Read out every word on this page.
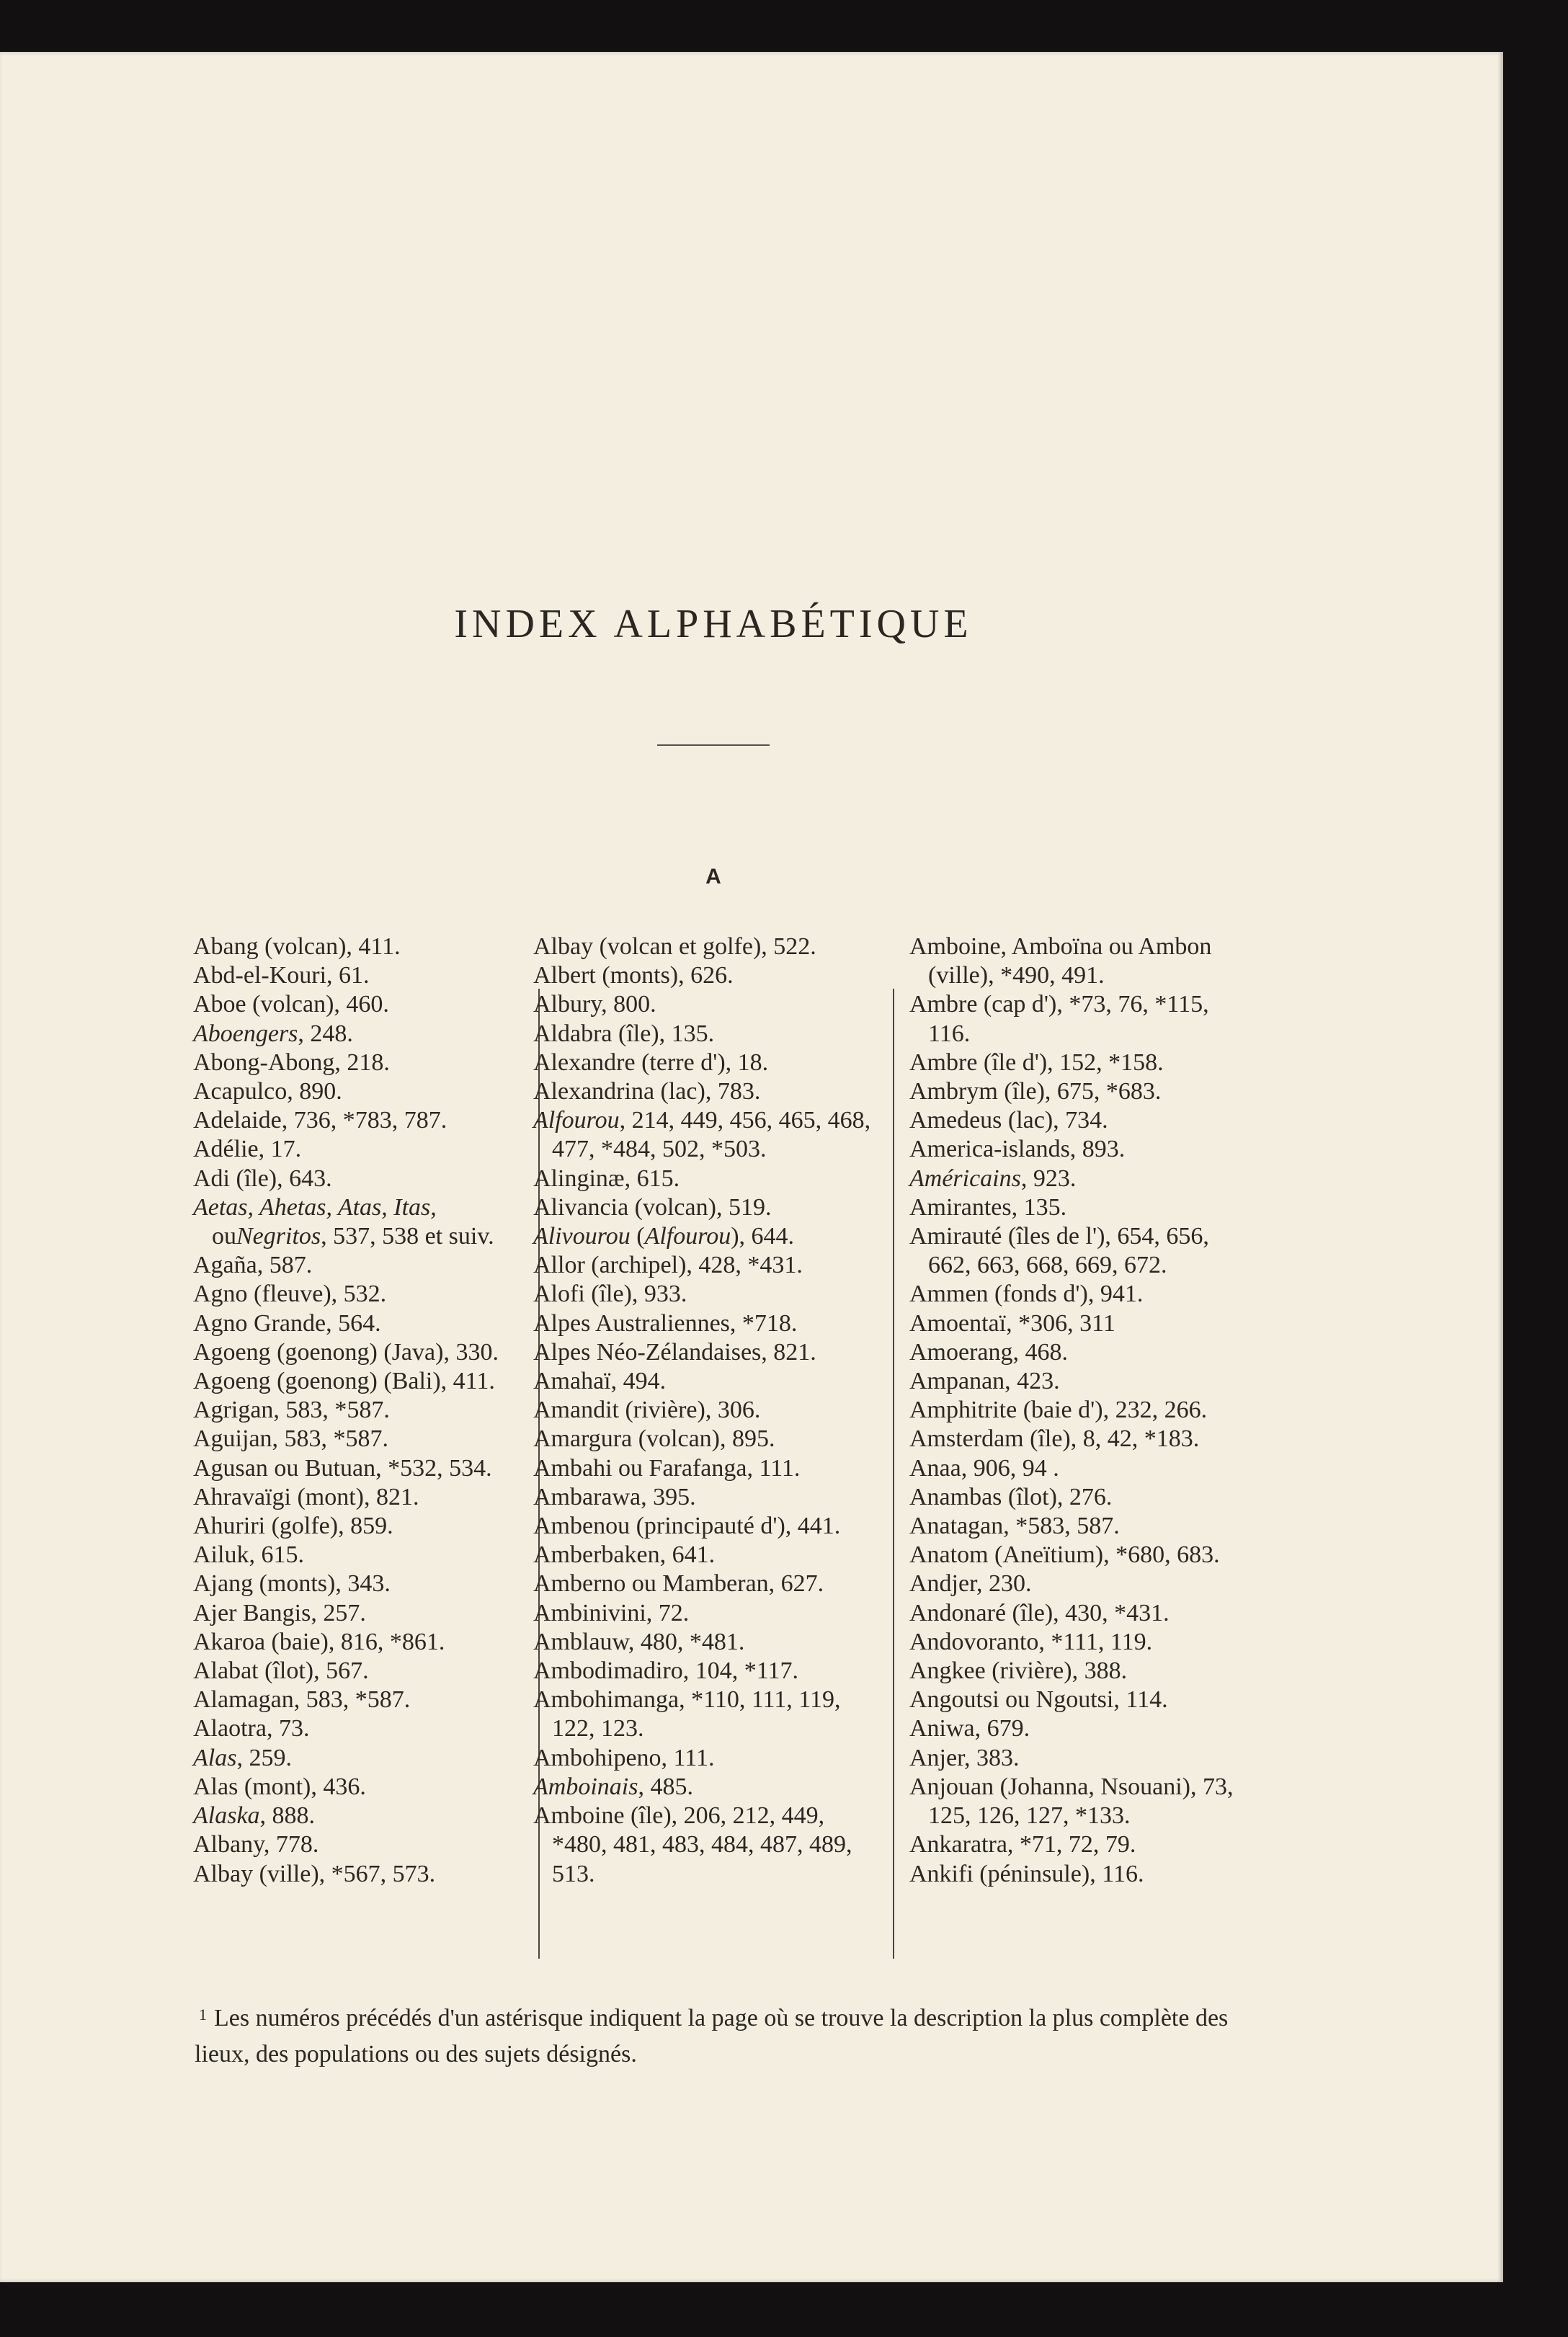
INDEX ALPHABÉTIQUE
A
Abang (volcan), 411.
Abd-el-Kouri, 61.
Aboe (volcan), 460.
Aboengers, 248.
Abong-Abong, 218.
Acapulco, 890.
Adelaide, 736, *783, 787.
Adélie, 17.
Adi (île), 643.
Aetas, Ahetas, Atas, Itas, ouNegritos, 537, 538 et suiv.
Agaña, 587.
Agno (fleuve), 532.
Agno Grande, 564.
Agoeng (goenong) (Java), 330.
Agoeng (goenong) (Bali), 411.
Agrigan, 583, *587.
Aguijan, 583, *587.
Agusan ou Butuan, *532, 534.
Ahravaïgi (mont), 821.
Ahuriri (golfe), 859.
Ailuk, 615.
Ajang (monts), 343.
Ajer Bangis, 257.
Akaroa (baie), 816, *861.
Alabat (îlot), 567.
Alamagan, 583, *587.
Alaotra, 73.
Alas, 259.
Alas (mont), 436.
Alaska, 888.
Albany, 778.
Albay (ville), *567, 573.
Albay (volcan et golfe), 522.
Albert (monts), 626.
Albury, 800.
Aldabra (île), 135.
Alexandre (terre d'), 18.
Alexandrina (lac), 783.
Alfourou, 214, 449, 456, 465, 468, 477, *484, 502, *503.
Alinginæ, 615.
Alivancia (volcan), 519.
Alivourou (Alfourou), 644.
Allor (archipel), 428, *431.
Alofi (île), 933.
Alpes Australiennes, *718.
Alpes Néo-Zélandaises, 821.
Amahaï, 494.
Amandit (rivière), 306.
Amargura (volcan), 895.
Ambahi ou Farafanga, 111.
Ambarawa, 395.
Ambenou (principauté d'), 441.
Amberbaken, 641.
Amberno ou Mamberan, 627.
Ambinivini, 72.
Amblauw, 480, *481.
Ambodimadiro, 104, *117.
Ambohimanga, *110, 111, 119, 122, 123.
Ambohipeno, 111.
Amboinais, 485.
Amboine (île), 206, 212, 449, *480, 481, 483, 484, 487, 489, 513.
Amboine, Amboïna ou Ambon (ville), *490, 491.
Ambre (cap d'), *73, 76, *115, 116.
Ambre (île d'), 152, *158.
Ambrym (île), 675, *683.
Amedeus (lac), 734.
America-islands, 893.
Américains, 923.
Amirantes, 135.
Amirauté (îles de l'), 654, 656, 662, 663, 668, 669, 672.
Ammen (fonds d'), 941.
Amoentaï, *306, 311
Amoerang, 468.
Ampanan, 423.
Amphitrite (baie d'), 232, 266.
Amsterdam (île), 8, 42, *183.
Anaa, 906, 94 .
Anambas (îlot), 276.
Anatagan, *583, 587.
Anatom (Aneïtium), *680, 683.
Andjer, 230.
Andonaré (île), 430, *431.
Andovoranto, *111, 119.
Angkee (rivière), 388.
Angoutsi ou Ngoutsi, 114.
Aniwa, 679.
Anjer, 383.
Anjouan (Johanna, Nsouani), 73, 125, 126, 127, *133.
Ankaratra, *71, 72, 79.
Ankifi (péninsule), 116.

$^1$ Les numéros précédés d'un astérisque indiquent la page où se trouve la description la plus complète des lieux, des populations ou des sujets désignés.
